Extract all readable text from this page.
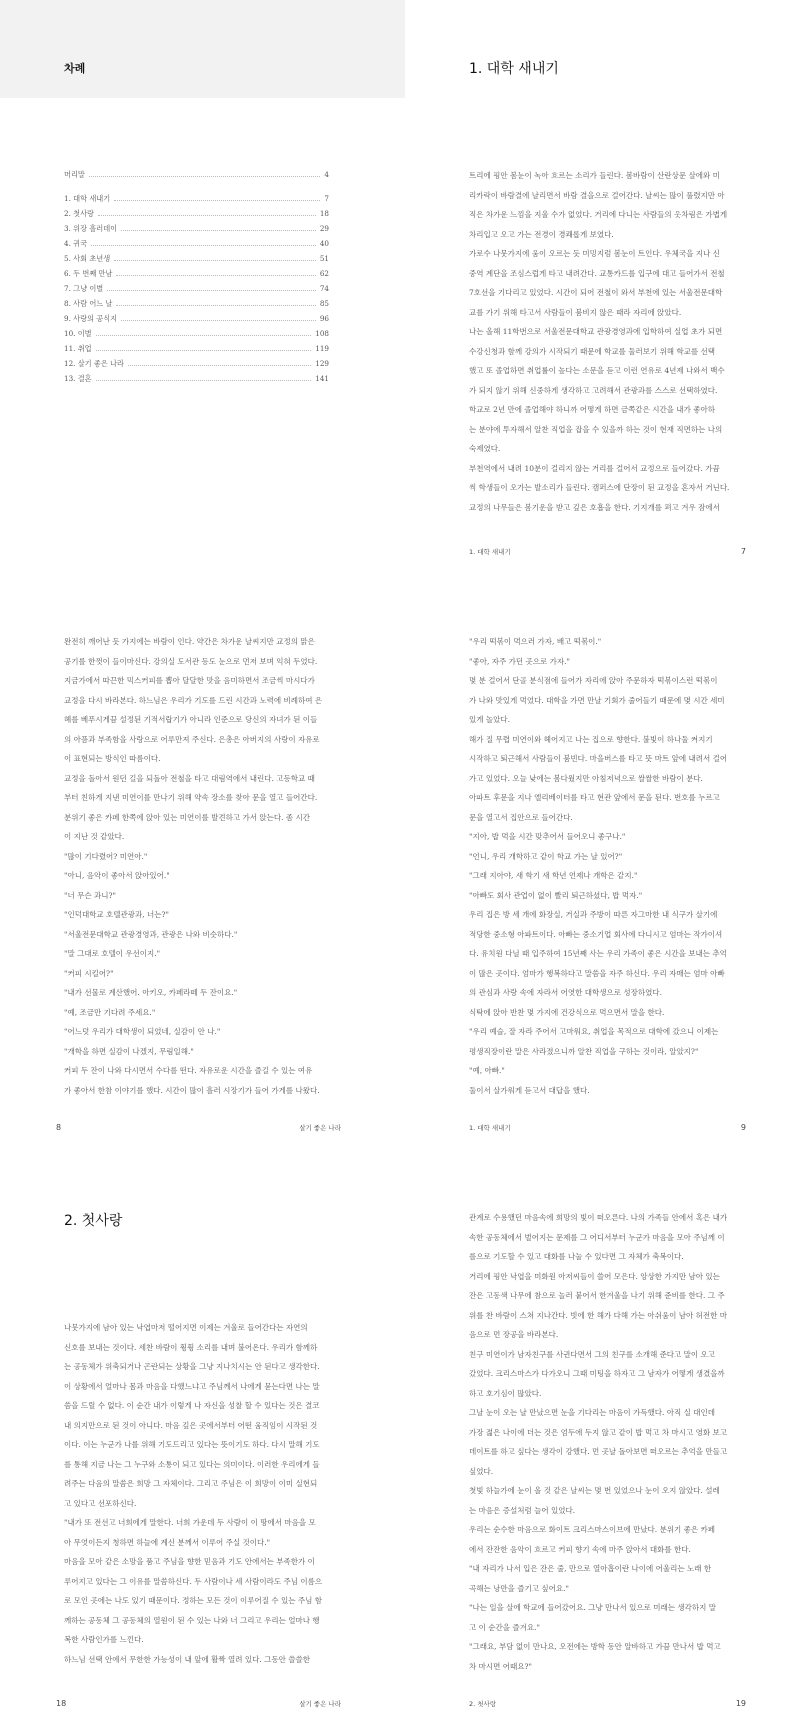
차례
머리말	4
1. 대학 새내기	7
2. 첫사랑	18
3. 위장 흘러데이	29
4. 귀국	40
5. 사회 초년생	51
6. 두 번째 만남	62
7. 그냥 이별	74
8. 사람 어느 날	85
9. 사랑의 공식지	96
10. 이별	108
11. 취업	119
12. 살기 좋은 나라	129
13. 결혼	141
1. 대학 새내기

트리에 핑안 봄눈이 녹아 흐르는 소리가 들린다. 봄바람이 산란상문 살에와 미

리카락이 바람결에 날리면서 바람 결을으로 걸어간다. 날씨는 많이 풀렸지만 아

직은 차가운 느낌을 지울 수가 없었다. 거리에 다니는 사람들의 옷차림은 가볍게

차리입고 오고 가는 전경이 경쾌롭게 보였다.

가로수 나뭇가지에 움이 오르는 듯 미밍지럼 봄눈이 트인다. 우체국을 지나 신

중역 계단을 조심스럽게 타고 내려간다. 교통카드를 입구에 대고 들어가서 전철

7호선을 기다리고 있었다. 시간이 되어 전철이 와서 부천에 있는 서울전문대학

교를 가기 위해 타고서 사람들이 붐비지 않은 때라 자리에 앉았다.

나는 올해 11학번으로 서울전문대학교 관광경영과에 입학하여 실업 초가 되면

수강신청과 함께 강의가 시작되기 때문에 학교를 둘러보기 위해 학교를 선택

했고 또 졸업하면 취업률이 높다는 소문을 듣고 이런 연유로 4년제 나와서 백수

가 되지 않기 위해 신중하게 생각하고 고려해서 관광과를 스스로 선택하였다.

학교로 2년 만에 졸업해야 하니까 어떻게 하면 금쪽같은 시간을 내가 좋아하

는 분야에 투자해서 알찬 직업을 잡을 수 있을까 하는 것이 현재 직면하는 나의

숙제였다.

부천역에서 내려 10분이 걸리지 않는 거리를 걸어서 교정으로 들어갔다. 가끔

씩 학생들이 오가는 발소리가 들린다. 캠퍼스에 단장이 된 교정을 혼자서 거닌다.

교정의 나무들은 봄기운을 받고 깊은 호흡을 한다. 기지개를 펴고 겨우 잠에서

1. 대학 새내기	7

완전히 깨어난 듯 가지에는 바람이 인다. 약간은 차가운 날씨지만 교정의 맑은

공기를 한껏이 들이마신다. 강의실 도서관 등도 눈으로 먼저 보며 익혀 두었다.

지금가에서 따끈한 믹스커피를 뽑아 달달한 맛을 음미하면서 조금씩 마시다가

교정을 다시 바라본다. 하느님은 우리가 기도를 드린 시간과 노력에 비례하여 은

혜를 베푸시게끔 설정된 기적서랍기가 아니라 인준으로 당신의 자녀가 된 이들

의 아픔과 부족함을 사랑으로 어루만져 주신다. 은총은 아버지의 사랑이 자유로

이 표현되는 방식인 따름이다.

교정을 돌아서 원던 길을 되돌아 전철을 타고 대림역에서 내린다. 고등학교 때

부터 친하게 지낸 미연이를 만나기 위해 약속 장소를 찾아 문을 열고 들어간다.

분위기 좋은 카페 한쪽에 앉아 있는 미연이를 발견하고 가서 앉는다. 좀 시간

이 지난 것 같았다.

"많이 기다렸어? 미연아."

"아니, 음악이 좋아서 앉아있어."

"너 무슨 과니?"

"인덕대학교 호텔관광과, 너는?"

"서울전문대학교 관광경영과, 관광은 나와 비슷하다."

"말 그대로 호텔이 우선이지."

"커피 시킬어?"

"내가 선물로 계산했어. 아키오, 카페라떼 두 잔이요."

"예, 조금만 기다려 주세요."

"어느덧 우리가 대학생이 되었네, 실감이 안 나."

"개학을 하면 실감이 나겠지, 무림일해."

커피 두 잔이 나와 다시면서 수다를 떤다. 자유로운 시간을 즐길 수 있는 여유

가 좋아서 한참 이야기를 했다. 시간이 많이 흘러 시장기가 들어 가게를 나왔다.

8	살기 좋은 나라

"우리 떡볶이 먹으러 가자, 배고 떡볶이."

"좋아, 자주 가던 곳으로 가자."

몇 분 걸어서 단골 분식점에 들어가 자리에 앉아 주문하자 떡볶이스런 떡볶이

가 나와 맛있게 먹었다. 대학을 가면 만날 기회가 줄어들기 때문에 몇 시간 세미

있게 놀았다.

해가 질 무렵 미연이와 헤어지고 나는 집으로 향한다. 불빛이 하나둘 켜지기

시작하고 퇴근해서 사람들이 붐빈다. 마을버스를 타고 뜻 마트 앞에 내려서 걸어

가고 있었다. 오늘 낮에는 봄다웠지만 아침저녁으로 쌀쌀한 바람이 분다.

아파트 후문을 지나 엘리베이터를 타고 현관 앞에서 문을 된다. 번호를 누르고

문을 열고서 집안으로 들어간다.

"지아, 밥 먹을 시간 맞추어서 들어오니 좋구나."

"언니, 우리 개학하고 같이 학교 가는 날 있어?"

"그래 지아야, 새 학기 새 학년 언제나 개학은 같지."

"아빠도 회사 관업이 없이 빨리 퇴근하셨다, 밥 먹자."

우리 집은 방 세 개에 화장실, 거실과 주방이 따른 자그마한 내 식구가 살기에

적당한 중소형 아파트이다. 아빠는 중소기업 회사에 다니시고 엄마는 작가이셔

다. 유치원 다닐 때 입주하여 15년째 사는 우리 가족이 좋은 시간을 보내는 추억

이 많은 곳이다. 엄마가 행복하다고 말씀을 자주 하신다. 우리 자매는 엄마 아빠

의 관심과 사랑 속에 자라서 어엿한 대학생으로 성장하였다.

식탁에 앉아 반찬 몇 가지에 건강식으로 먹으면서 말을 한다.

"우리 예슬, 잘 자라 주어서 고마워요, 취업을 목적으로 대학에 갔으니 이제는

평생직장이란 말은 사라졌으니까 알찬 직업을 구하는 것이라, 알았지?"

"예, 아빠."

둘이서 살가워게 듣고서 대답을 했다.

1. 대학 새내기	9
2. 첫사랑

나뭇가지에 남아 있는 낙엽마저 떨어지면 이제는 겨울로 들어간다는 자연의

신호를 보내는 것이다. 세찬 바람이 휭휭 소리를 내며 불어온다. 우리가 함께하

는 공동체가 위축되거나 곤란되는 상황을 그냥 지나치시는 안 된다고 생각한다.

이 상황에서 얼마나 몸과 마음을 다했느냐고 주님께서 나에게 묻는다면 나는 말

씀을 드릴 수 없다. 이 순간 내가 이렇게 나 자신을 성찰 할 수 있다는 것은 결코

내 의지만으로 된 것이 아니다. 마음 깊은 곳에서부터 어떤 움직임이 시작된 것

이다. 이는 누군가 나를 위해 기도드리고 있다는 뜻이기도 하다. 다시 말해 기도

를 통해 지금 나는 그 누구와 소통이 되고 있다는 의미이다. 이러한 우리에게 들

려주는 다음의 말씀은 희망 그 자체이다. 그리고 주님은 이 희망이 이미 실현되

고 있다고 선포하신다.

"내가 또 전선고 너희에게 말한다. 너희 가운데 두 사람이 이 땅에서 마음을 모

아 무엇이든지 청하면 하늘에 계신 분께서 이루어 주실 것이다."

마음을 모아 같은 소망을 품고 주님을 향한 믿음과 기도 안에서는 부족한가 이

루어지고 있다는 그 이유를 말씀하신다. 두 사람이나 세 사람이라도 주님 이름으

로 모인 곳에는 나도 있기 때문이다. 정하는 모든 것이 이루어질 수 있는 주님 함

께하는 공동체 그 공동체의 열원이 된 수 있는 나와 너 그리고 우리는 얼마나 행

복한 사람인가를 느낀다.

하느님 선택 안에서 무한한 가능성이 내 앞에 활짝 열려 있다. 그동안 쓸쓸한

18	살기 좋은 나라

관계로 수용했던 마음속에 희망의 빛이 떠오른다. 나의 가족들 안에서 혹은 내가

속한 공동체에서 벌어지는 문제를 그 어디서부터 누군가 마음을 모아 주님께 이

를으로 기도할 수 있고 대화를 나눌 수 있다면 그 자체가 축복이다.

거리에 핑안 낙엽을 미화원 아저씨들이 쓸어 모은다. 앙상한 가지만 남아 있는

잔은 고동색 나무에 참으로 놀러 붙어서 한겨울을 나기 위해 준비를 한다. 그 주

위를 찬 바람이 스쳐 지나간다. 빗에 한 해가 다해 가는 아쉬움이 남아 허전한 마

음으로 먼 장공을 바라본다.

친구 미연이가 남자친구를 사귄다면서 그의 친구를 소개해 준다고 말이 오고

갔었다. 크리스마스가 다가오니 그때 미팅을 하자고 그 남자가 어떻게 생겼을까

하고 호기심이 많았다.

그날 눈이 오는 날 만났으면 눈을 기다리는 마음이 가득했다. 아직 실 대인데

가장 젊은 나이에 더는 것은 엄두에 두지 않고 같이 밥 먹고 차 마시고 영화 보고

데이트를 하고 싶다는 생각이 강했다. 먼 곳날 돌아보면 떠오르는 추억을 만들고

싶었다.

첫빛 하늘가에 눈이 올 것 같은 날씨는 몇 번 있었으나 눈이 오지 않았다. 설레

는 마음은 증설처럼 늘어 있었다.

우리는 순수한 마음으로 화이트 크리스마스이브에 만났다. 분위기 좋은 카페

에서 잔잔한 음악이 흐르고 커피 향기 속에 마주 앉아서 대화를 한다.

"내 자리가 나서 입은 잔은 줄, 만으로 열아홉이란 나이에 어울리는 노래 한

곡해는 낭만을 즐기고 싶어요."

"나는 일을 살에 학교에 들어갔어요. 그냥 만나서 있으로 미래는 생각하지 말

고 이 순간을 즐겨요."

"그래요, 부담 없이 만나요, 오전에는 방학 동안 알바하고 가끔 만나서 밥 먹고

차 마시면 어때요?"

2. 첫사랑	19
